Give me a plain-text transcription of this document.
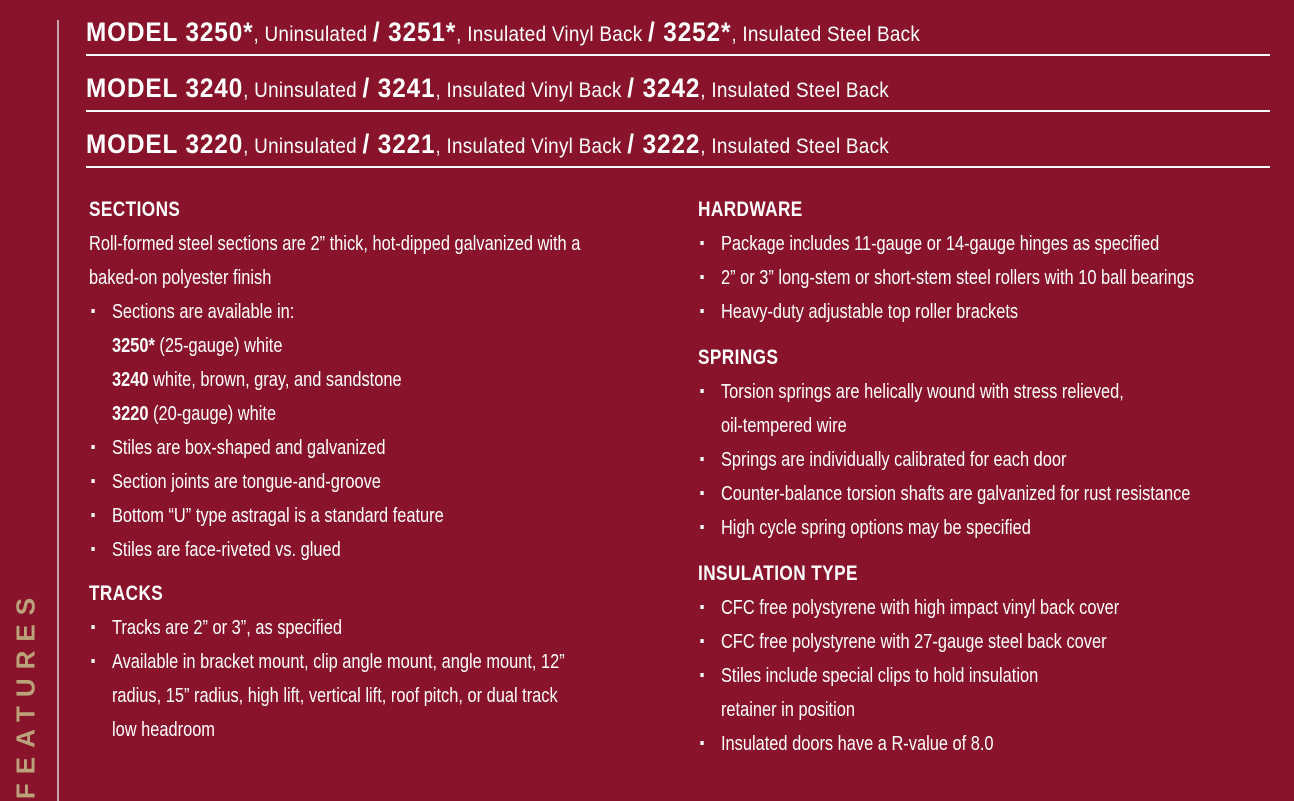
FEATURES
MODEL 3250* , Uninsulated / 3251* , Insulated Vinyl Back / 3252* , Insulated Steel Back
MODEL 3240 , Uninsulated / 3241 , Insulated Vinyl Back / 3242 , Insulated Steel Back
MODEL 3220 , Uninsulated / 3221 , Insulated Vinyl Back / 3222 , Insulated Steel Back
SECTIONS
Roll-formed steel sections are 2” thick, hot-dipped galvanized with a
baked-on polyester finish
▪ Sections are available in:
3250* (25-gauge) white
3240 white, brown, gray, and sandstone
3220 (20-gauge) white
▪ Stiles are box-shaped and galvanized
▪ Section joints are tongue-and-groove
▪ Bottom “U” type astragal is a standard feature
▪ Stiles are face-riveted vs. glued
TRACKS
▪ Tracks are 2” or 3”, as specified
▪ Available in bracket mount, clip angle mount, angle mount, 12”
radius, 15” radius, high lift, vertical lift, roof pitch, or dual track
low headroom
HARDWARE
▪ Package includes 11-gauge or 14-gauge hinges as specified
▪ 2” or 3” long-stem or short-stem steel rollers with 10 ball bearings
▪ Heavy-duty adjustable top roller brackets
SPRINGS
▪ Torsion springs are helically wound with stress relieved,
oil-tempered wire
▪ Springs are individually calibrated for each door
▪ Counter-balance torsion shafts are galvanized for rust resistance
▪ High cycle spring options may be specified
INSULATION TYPE
▪ CFC free polystyrene with high impact vinyl back cover
▪ CFC free polystyrene with 27-gauge steel back cover
▪ Stiles include special clips to hold insulation
retainer in position
▪ Insulated doors have a R-value of 8.0
